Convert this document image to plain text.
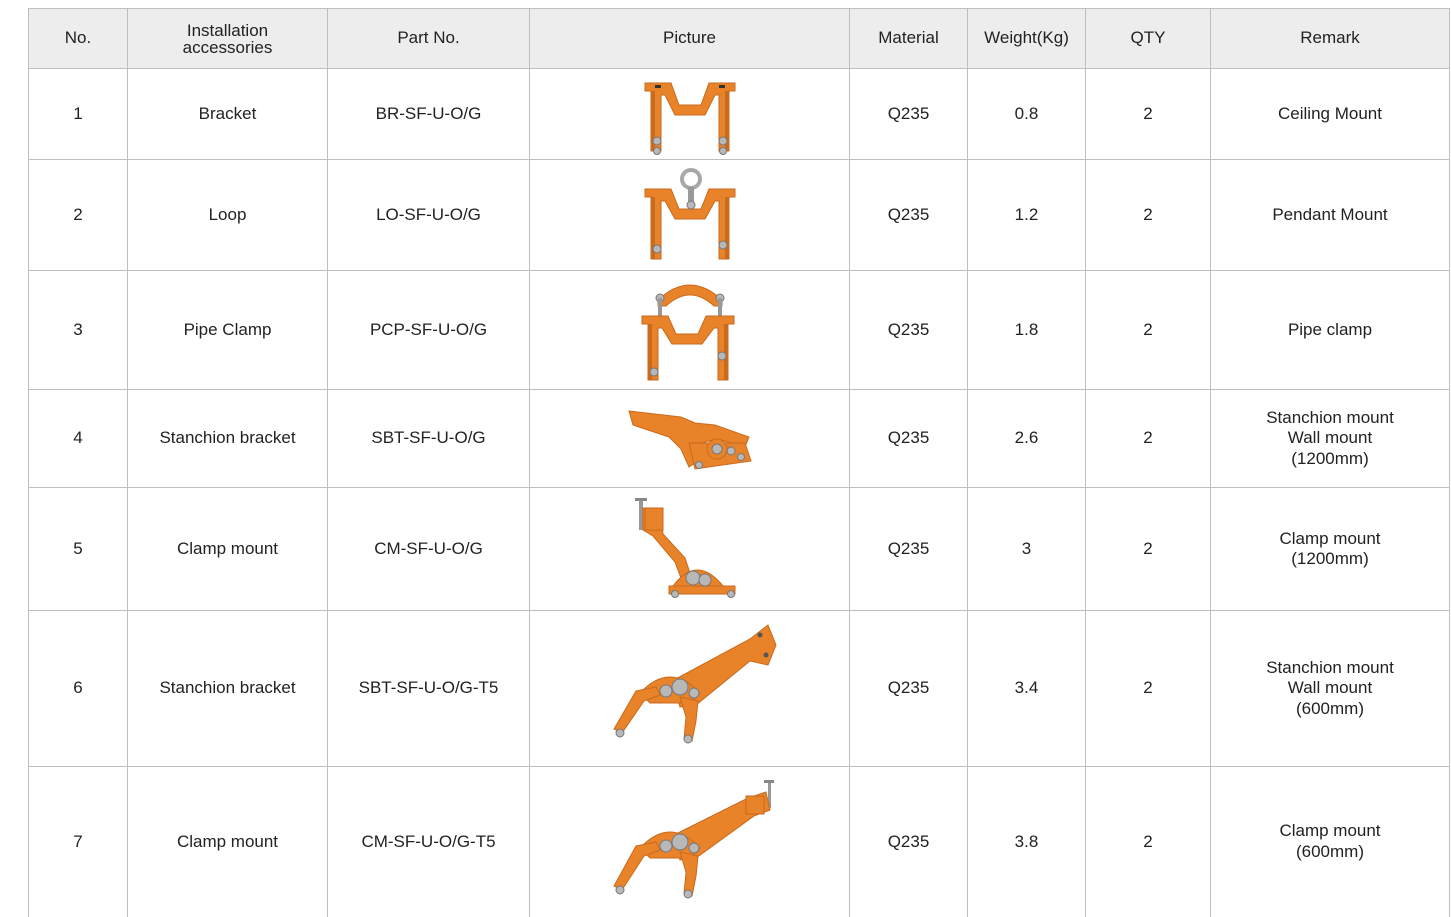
No.	Installation
accessories	Part No.	Picture	Material	Weight(Kg)	QTY	Remark
1	Bracket	BR-SF-U-O/G		Q235	0.8	2	Ceiling Mount
2	Loop	LO-SF-U-O/G		Q235	1.2	2	Pendant Mount
3	Pipe Clamp	PCP-SF-U-O/G		Q235	1.8	2	Pipe clamp
4	Stanchion bracket	SBT-SF-U-O/G		Q235	2.6	2	Stanchion mount
Wall mount
(1200mm)
5	Clamp mount	CM-SF-U-O/G		Q235	3	2	Clamp mount
(1200mm)
6	Stanchion bracket	SBT-SF-U-O/G-T5		Q235	3.4	2	Stanchion mount
Wall mount
(600mm)
7	Clamp mount	CM-SF-U-O/G-T5		Q235	3.8	2	Clamp mount
(600mm)
